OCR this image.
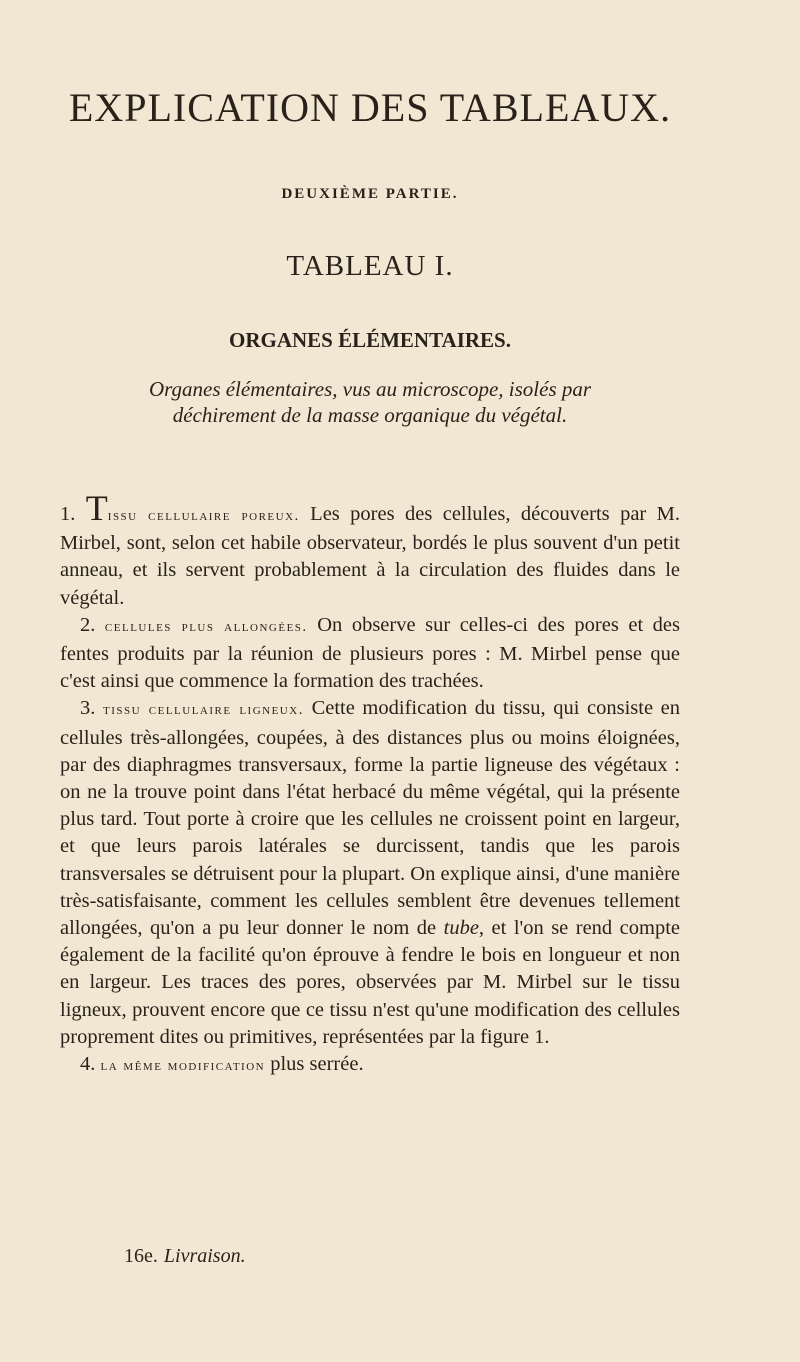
EXPLICATION DES TABLEAUX.
DEUXIÈME PARTIE.
TABLEAU I.
ORGANES ÉLÉMENTAIRES.
Organes élémentaires, vus au microscope, isolés par déchirement de la masse organique du végétal.

1. Tissu cellulaire poreux. Les pores des cellules, découverts par M. Mirbel, sont, selon cet habile observateur, bordés le plus souvent d'un petit anneau, et ils servent probablement à la circulation des fluides dans le végétal.

2. cellules plus allongées. On observe sur celles-ci des pores et des fentes produits par la réunion de plusieurs pores : M. Mirbel pense que c'est ainsi que commence la formation des trachées.

3. tissu cellulaire ligneux. Cette modification du tissu, qui consiste en cellules très-allongées, coupées, à des distances plus ou moins éloignées, par des diaphragmes transversaux, forme la partie ligneuse des végétaux : on ne la trouve point dans l'état herbacé du même végétal, qui la présente plus tard. Tout porte à croire que les cellules ne croissent point en largeur, et que leurs parois latérales se durcissent, tandis que les parois transversales se détruisent pour la plupart. On explique ainsi, d'une manière très-satisfaisante, comment les cellules semblent être devenues tellement allongées, qu'on a pu leur donner le nom de tube, et l'on se rend compte également de la facilité qu'on éprouve à fendre le bois en longueur et non en largeur. Les traces des pores, observées par M. Mirbel sur le tissu ligneux, prouvent encore que ce tissu n'est qu'une modification des cellules proprement dites ou primitives, représentées par la figure 1.

4. la même modification plus serrée.

16e. Livraison.
